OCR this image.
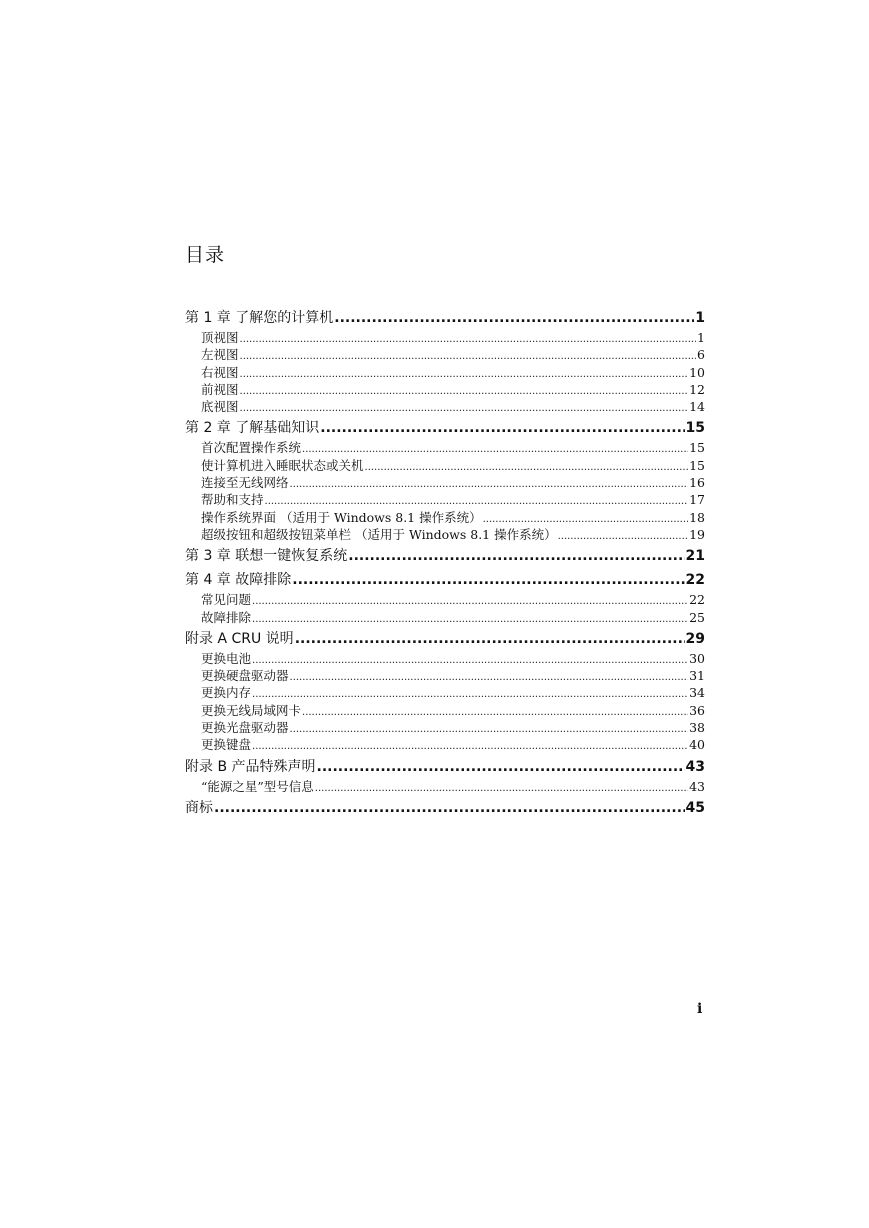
目录
第 1 章 了解您的计算机 .....	1
顶视图 .....	1
左视图 .....	6
右视图 .....	10
前视图 .....	12
底视图 .....	14
第 2 章 了解基础知识 .....	15
首次配置操作系统 .....	15
使计算机进入睡眠状态或关机 .....	15
连接至无线网络 .....	16
帮助和支持 .....	17
操作系统界面 （适用于 Windows 8.1 操作系统） .....	18
超级按钮和超级按钮菜单栏 （适用于 Windows 8.1 操作系统） .....	19
第 3 章 联想一键恢复系统 .....	21
第 4 章 故障排除 .....	22
常见问题 .....	22
故障排除 .....	25
附录 A CRU 说明 .....	29
更换电池 .....	30
更换硬盘驱动器 .....	31
更换内存 .....	34
更换无线局域网卡 .....	36
更换光盘驱动器 .....	38
更换键盘 .....	40
附录 B 产品特殊声明 .....	43
“能源之星”型号信息 .....	43
商标 .....	45

i
